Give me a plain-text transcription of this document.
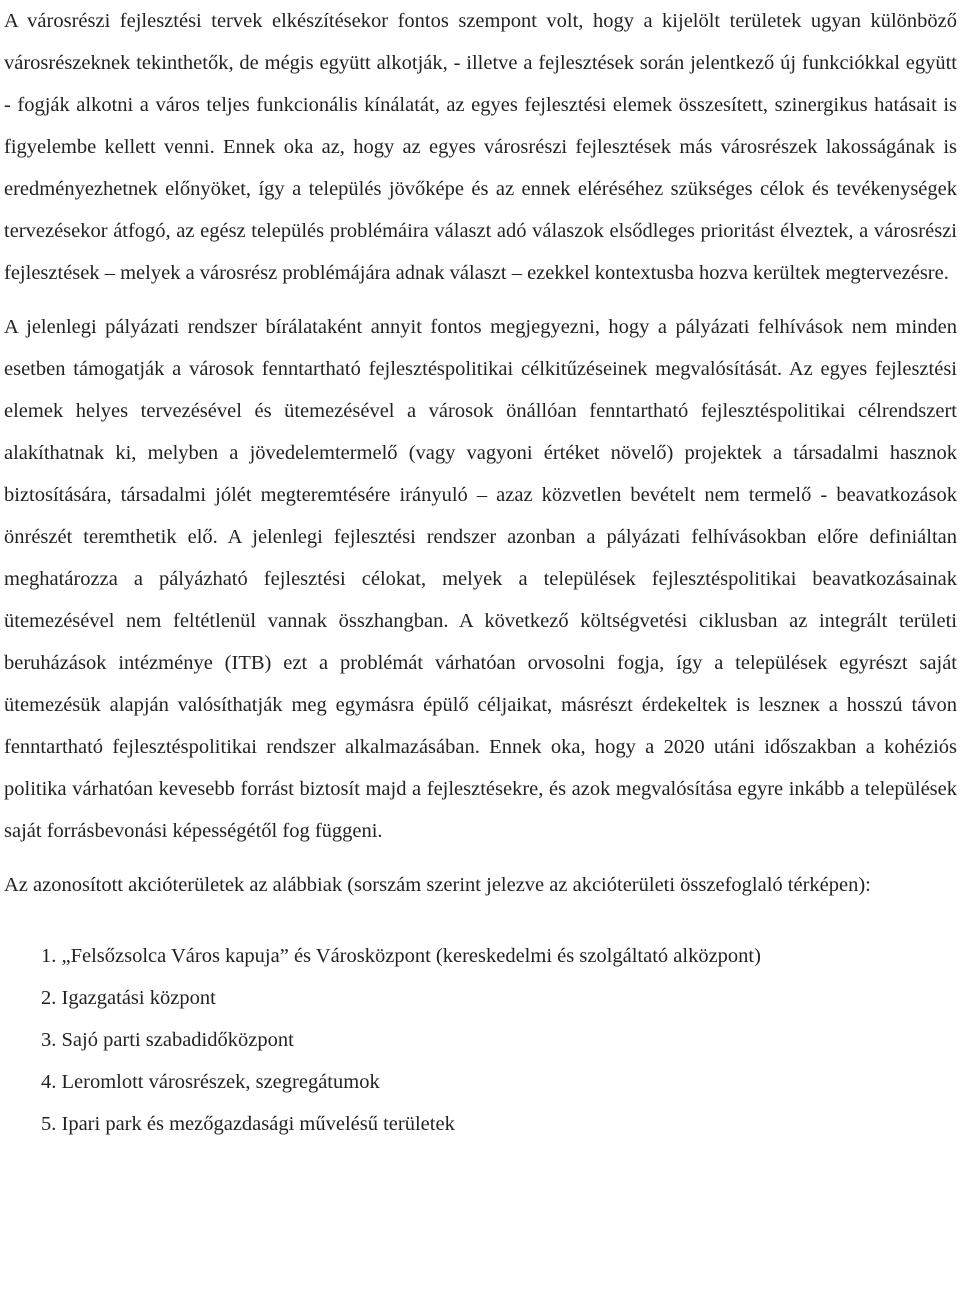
A városrészi fejlesztési tervek elkészítésekor fontos szempont volt, hogy a kijelölt területek ugyan különböző városrészeknek tekinthetők, de mégis együtt alkotják, - illetve a fejlesztések során jelentkező új funkciókkal együtt - fogják alkotni a város teljes funkcionális kínálatát, az egyes fejlesztési elemek összesített, szinergikus hatásait is figyelembe kellett venni. Ennek oka az, hogy az egyes városrészi fejlesztések más városrészek lakosságának is eredményezhetnek előnyöket, így a település jövőképe és az ennek eléréséhez szükséges célok és tevékenységek tervezésekor átfogó, az egész település problémáira választ adó válaszok elsődleges prioritást élveztek, a városrészi fejlesztések – melyek a városrész problémájára adnak választ – ezekkel kontextusba hozva kerültek megtervezésre.

A jelenlegi pályázati rendszer bírálataként annyit fontos megjegyezni, hogy a pályázati felhívások nem minden esetben támogatják a városok fenntartható fejlesztéspolitikai célkitűzéseinek megvalósítását. Az egyes fejlesztési elemek helyes tervezésével és ütemezésével a városok önállóan fenntartható fejlesztéspolitikai célrendszert alakíthatnak ki, melyben a jövedelemtermelő (vagy vagyoni értéket növelő) projektek a társadalmi hasznok biztosítására, társadalmi jólét megteremtésére irányuló – azaz közvetlen bevételt nem termelő - beavatkozások önrészét teremthetik elő. A jelenlegi fejlesztési rendszer azonban a pályázati felhívásokban előre definiáltan meghatározza a pályázható fejlesztési célokat, melyek a települések fejlesztéspolitikai beavatkozásainak ütemezésével nem feltétlenül vannak összhangban. A következő költségvetési ciklusban az integrált területi beruházások intézménye (ITB) ezt a problémát várhatóan orvosolni fogja, így a települések egyrészt saját ütemezésük alapján valósíthatják meg egymásra épülő céljaikat, másrészt érdekeltek is leszneк a hosszú távon fenntartható fejlesztéspolitikai rendszer alkalmazásában. Ennek oka, hogy a 2020 utáni időszakban a kohéziós politika várhatóan kevesebb forrást biztosít majd a fejlesztésekre, és azok megvalósítása egyre inkább a települések saját forrásbevonási képességétől fog függeni.

Az azonosított akcióterületek az alábbiak (sorszám szerint jelezve az akcióterületi összefoglaló térképen):

1. „Felsőzsolca Város kapuja” és Városközpont (kereskedelmi és szolgáltató alközpont)
2. Igazgatási központ
3. Sajó parti szabadidőközpont
4. Leromlott városrészek, szegregátumok
5. Ipari park és mezőgazdasági művelésű területek
